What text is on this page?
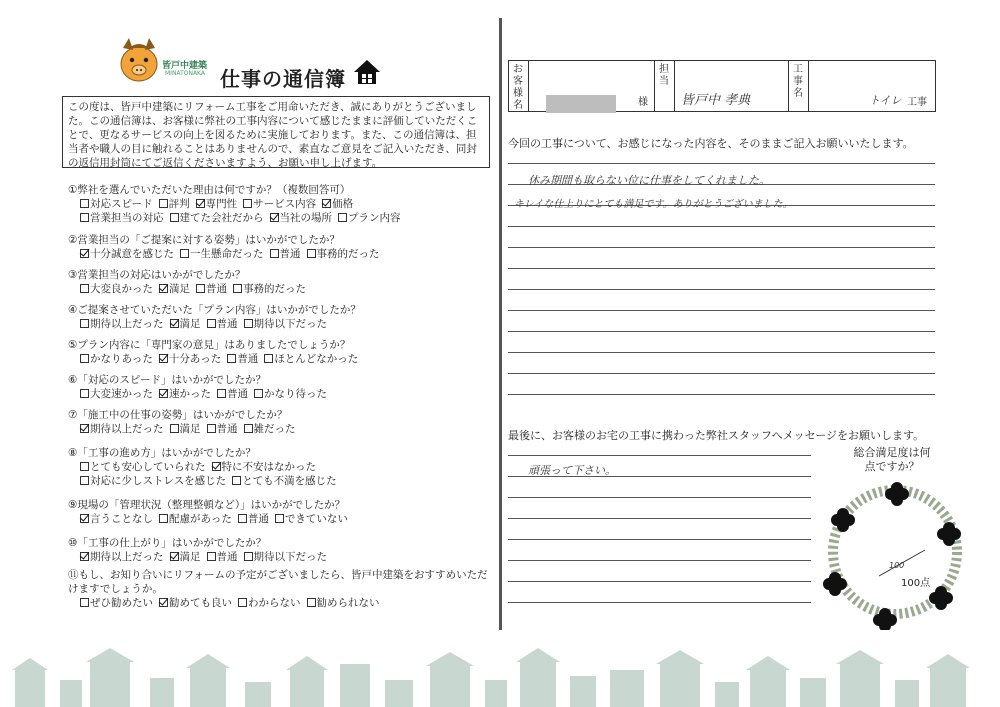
皆戸中建築
MINATONAKA 仕事の通信簿
この度は、皆戸中建築にリフォーム工事をご用命いただき、誠にありがとうございました。この通信簿は、お客様に弊社の工事内容について感じたままに評価していただくことで、更なるサービスの向上を図るために実施しております。また、この通信簿は、担当者や職人の目に触れることはありませんので、素直なご意見をご記入いただき、同封の返信用封筒にてご返信くださいますよう、お願い申し上げます。
①弊社を選んでいただいた理由は何ですか？（複数回答可）
対応スピード 評判 専門性 サービス内容 価格
営業担当の対応 建てた会社だから 当社の場所 プラン内容
②営業担当の「ご提案に対する姿勢」はいかがでしたか？
十分誠意を感じた 一生懸命だった 普通 事務的だった
③営業担当の対応はいかがでしたか？
大変良かった 満足 普通 事務的だった
④ご提案させていただいた「プラン内容」はいかがでしたか？
期待以上だった 満足 普通 期待以下だった
⑤プラン内容に「専門家の意見」はありましたでしょうか？
かなりあった 十分あった 普通 ほとんどなかった
⑥「対応のスピード」はいかがでしたか？
大変速かった 速かった 普通 かなり待った
⑦「施工中の仕事の姿勢」はいかがでしたか？
期待以上だった 満足 普通 雑だった
⑧「工事の進め方」はいかがでしたか？
とても安心していられた 特に不安はなかった
対応に少しストレスを感じた とても不満を感じた
⑨現場の「管理状況（整理整頓など）」はいかがでしたか？
言うことなし 配慮があった 普通 できていない
⑩「工事の仕上がり」はいかがでしたか？
期待以上だった 満足 普通 期待以下だった
⑪もし、お知り合いにリフォームの予定がございましたら、皆戸中建築をおすすめいただけますでしょうか。
ぜひ勧めたい 勧めても良い わからない 勧められない
お客様名	様
担当
皆戸中 孝典
工事名
トイレ 工事
今回の工事について、お感じになった内容を、そのままご記入お願いいたします。
休み期間も取らない位に仕事をしてくれました。
キレイな仕上りにとても満足です。ありがとうございました。
最後に、お客様のお宅の工事に携わった弊社スタッフへメッセージをお願いします。
頑張って下さい。
総合満足度は何点ですか？
100
100点
